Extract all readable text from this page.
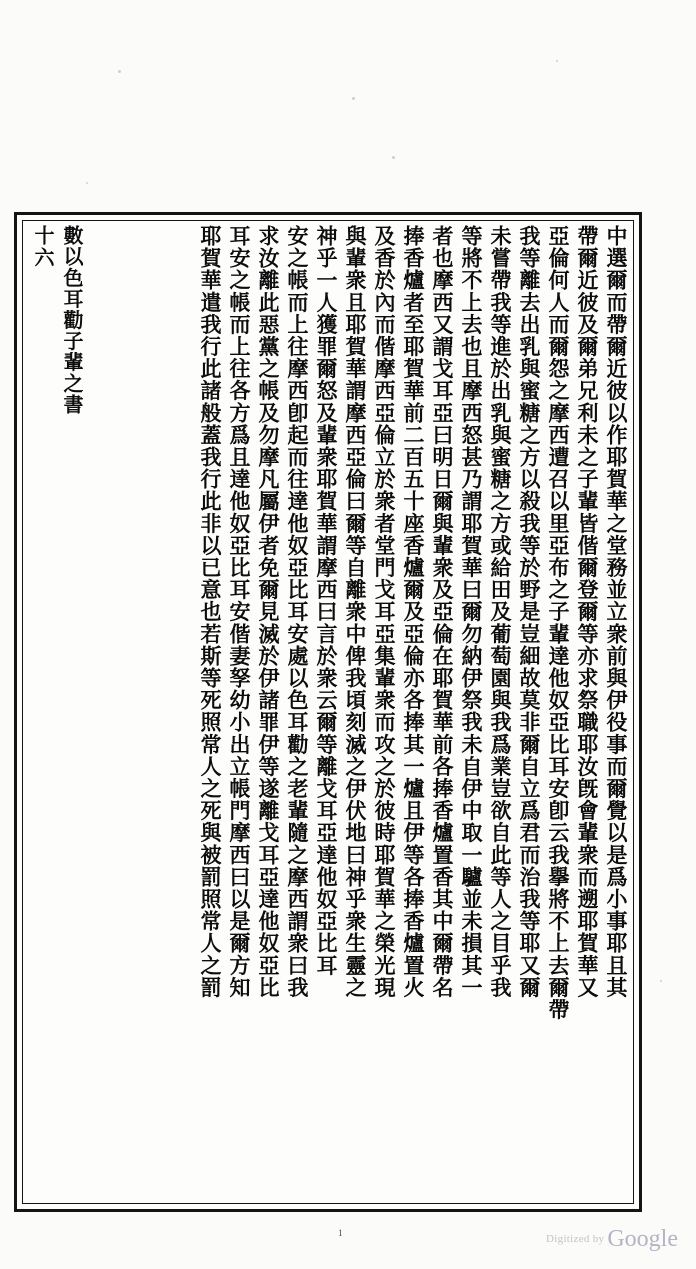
中選爾而帶爾近彼以作耶賀華之堂務並立衆前與伊役事而爾覺以是爲小事耶且其
帶爾近彼及爾弟兄利未之子輩皆偕爾登爾等亦求祭職耶汝旣會輩衆而遡耶賀華又
亞倫何人而爾怨之摩西遭召以里亞布之子輩達他奴亞比耳安卽云我擧將不上去爾帶
我等離去出乳與蜜糖之方以殺我等於野是豈細故莫非爾自立爲君而治我等耶又爾
未嘗帶我等進於出乳與蜜糖之方或給田及葡萄園與我爲業豈欲自此等人之目乎我
等將不上去也且摩西怒甚乃謂耶賀華曰爾勿納伊祭我未自伊中取一驢並未損其一
者也摩西又謂戈耳亞曰明日爾與輩衆及亞倫在耶賀華前各捧香爐置香其中爾帶名
捧香爐者至耶賀華前二百五十座香爐爾及亞倫亦各捧其一爐且伊等各捧香爐置火
及香於內而偕摩西亞倫立於衆者堂門戈耳亞集輩衆而攻之於彼時耶賀華之榮光現
與輩衆且耶賀華謂摩西亞倫曰爾等自離衆中俾我頃刻滅之伊伏地曰神乎衆生靈之
神乎一人獲罪爾怒及輩衆耶賀華謂摩西曰言於衆云爾等離戈耳亞達他奴亞比耳
安之帳而上往摩西卽起而往達他奴亞比耳安處以色耳勸之老輩隨之摩西謂衆曰我
求汝離此惡黨之帳及勿摩凡屬伊者免爾見滅於伊諸罪伊等遂離戈耳亞達他奴亞比
耳安之帳而上往各方爲且達他奴亞比耳安偕妻孥幼小出立帳門摩西曰以是爾方知
耶賀華遣我行此諸般蓋我行此非以已意也若斯等死照常人之死與被罰照常人之罰
數以色耳勸子輩之書
十六
1	Digitized by Google
